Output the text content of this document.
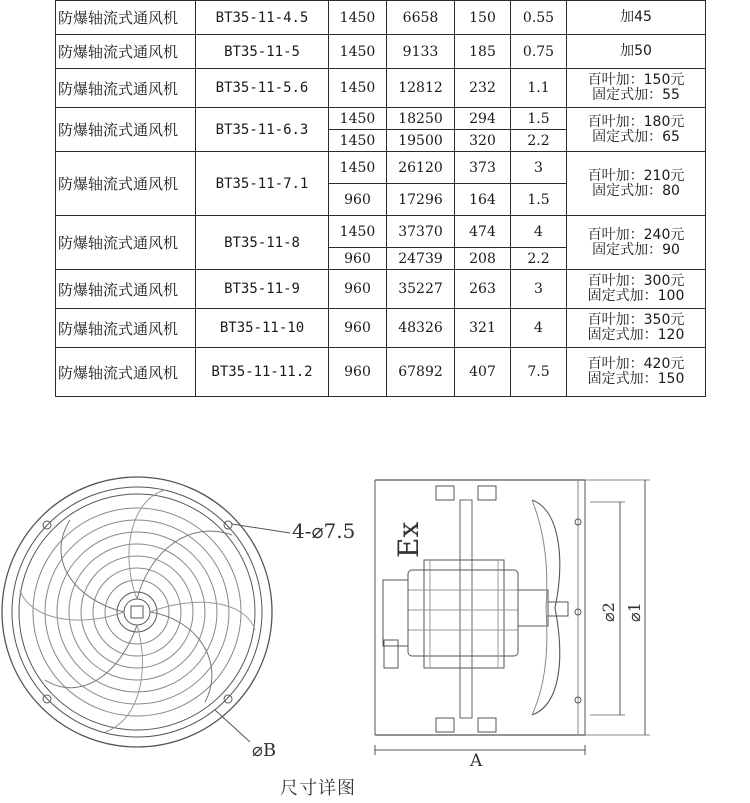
防爆轴流式通风机	BT35-11-4.5	1450	6658	150	0.55	加45

防爆轴流式通风机	BT35-11-5	1450	9133	185	0.75	加50

防爆轴流式通风机	BT35-11-5.6	1450	12812	232	1.1	百叶加：150元
固定式加：55

防爆轴流式通风机	BT35-11-6.3	1450	18250	294	1.5	百叶加：180元
固定式加：65

		1450	19500	320	2.2	
防爆轴流式通风机	BT35-11-7.1	1450	26120	373	3	百叶加：210元
固定式加：80

		960	17296	164	1.5	
防爆轴流式通风机	BT35-11-8	1450	37370	474	4	百叶加：240元
固定式加：90

		960	24739	208	2.2	
防爆轴流式通风机	BT35-11-9	960	35227	263	3	百叶加：300元
固定式加：100

防爆轴流式通风机	BT35-11-10	960	48326	321	4	百叶加：350元
固定式加：120

防爆轴流式通风机	BT35-11-11.2	960	67892	407	7.5	百叶加：420元
固定式加：150
4-⌀7.5
⌀B
Ex
A
⌀2 ⌀1
尺寸详图
